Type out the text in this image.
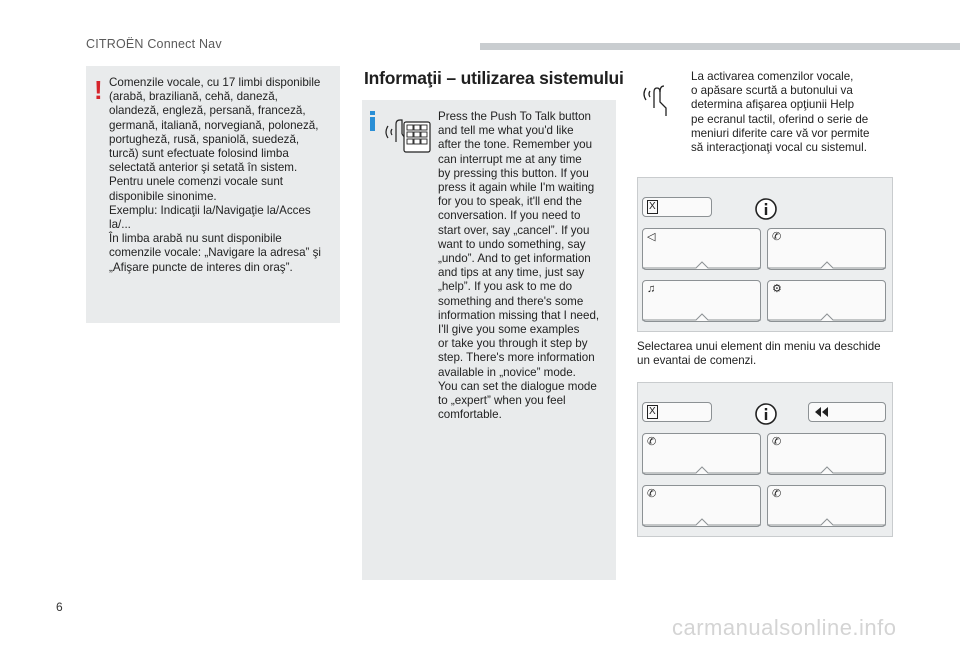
CITROËN Connect Nav
Comenzile vocale, cu 17 limbi disponibile
(arabă, braziliană, cehă, daneză,
olandeză, engleză, persană, franceză,
germană, italiană, norvegiană, poloneză,
portugheză, rusă, spaniolă, suedeză,
turcă) sunt efectuate folosind limba
selectată anterior şi setată în sistem.
Pentru unele comenzi vocale sunt
disponibile sinonime.
Exemplu: Indicaţii la/Navigaţie la/Acces
la/...
În limba arabă nu sunt disponibile
comenzile vocale: „Navigare la adresa” şi
„Afişare puncte de interes din oraş”.
!	Informaţii – utilizarea sistemului
Press the Push To Talk button
and tell me what you'd like
after the tone. Remember you
can interrupt me at any time
by pressing this button. If you
press it again while I'm waiting
for you to speak, it'll end the
conversation. If you need to
start over, say „cancel”. If you
want to undo something, say
„undo”. And to get information
and tips at any time, just say
„help”. If you ask to me do
something and there's some
information missing that I need,
I'll give you some examples
or take you through it step by
step. There's more information
available in „novice” mode.
You can set the dialogue mode
to „expert” when you feel
comfortable.
La activarea comenzilor vocale,
o apăsare scurtă a butonului va
determina afişarea opţiunii Help
pe ecranul tactil, oferind o serie de
meniuri diferite care vă vor permite
să interacţionaţi vocal cu sistemul.
X
◁	✆
♫	⚙
Selectarea unui element din meniu va deschide
un evantai de comenzi.
X
✆	✆
✆	✆
6
carmanualsonline.info
